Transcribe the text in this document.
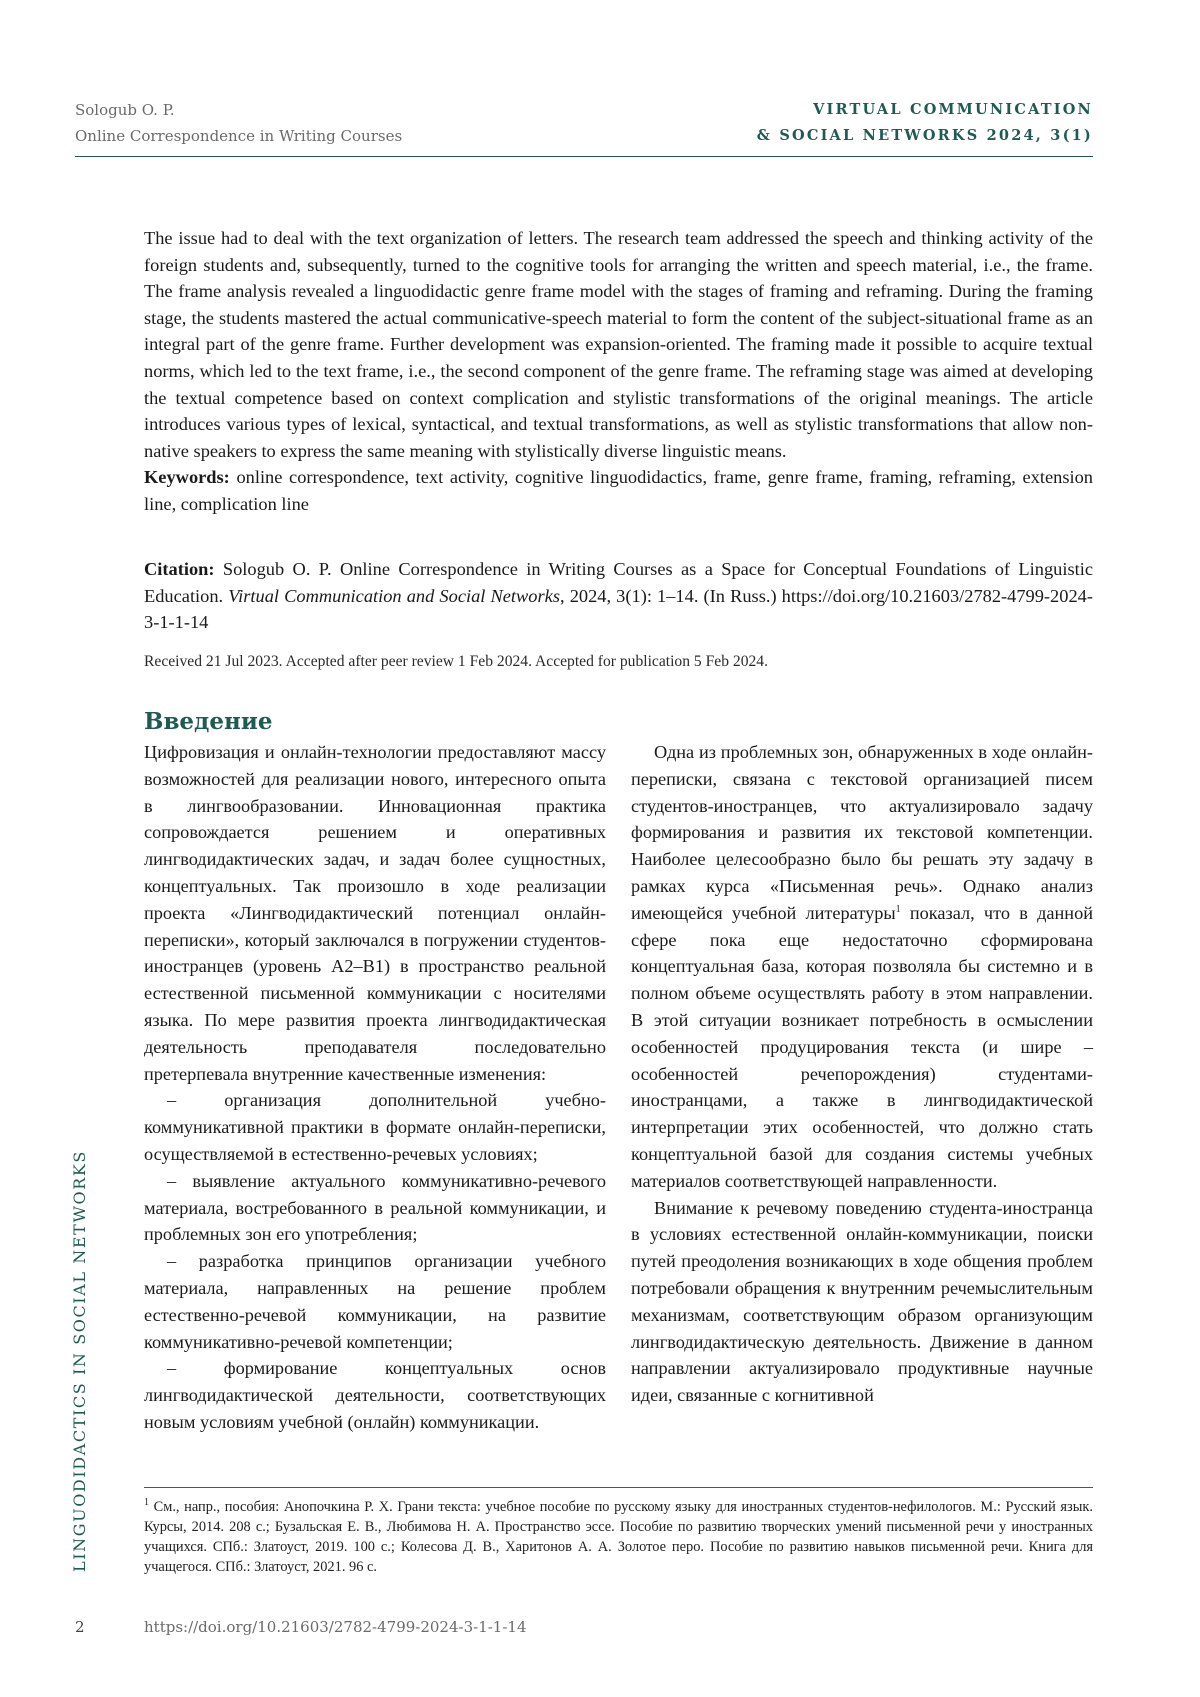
Sologub O. P.
Online Correspondence in Writing Courses
VIRTUAL COMMUNICATION
& SOCIAL NETWORKS 2024, 3(1)

The issue had to deal with the text organization of letters. The research team addressed the speech and thinking activity of the foreign students and, subsequently, turned to the cognitive tools for arranging the written and speech material, i.e., the frame. The frame analysis revealed a linguodidactic genre frame model with the stages of framing and reframing. During the framing stage, the students mastered the actual communicative-speech material to form the content of the subject-situational frame as an integral part of the genre frame. Further development was expansion-oriented. The framing made it possible to acquire textual norms, which led to the text frame, i.e., the second component of the genre frame. The reframing stage was aimed at developing the textual competence based on context complication and stylistic transformations of the original meanings. The article introduces various types of lexical, syntactical, and textual transformations, as well as stylistic transformations that allow non-native speakers to express the same meaning with stylistically diverse linguistic means.

Keywords: online correspondence, text activity, cognitive linguodidactics, frame, genre frame, framing, reframing, extension line, complication line

Citation: Sologub O. P. Online Correspondence in Writing Courses as a Space for Conceptual Foundations of Linguistic Education. Virtual Communication and Social Networks, 2024, 3(1): 1–14. (In Russ.) https://doi.org/10.21603/2782-4799-2024-3-1-1-14
Received 21 Jul 2023. Accepted after peer review 1 Feb 2024. Accepted for publication 5 Feb 2024.
Введение

Цифровизация и онлайн-технологии предоставляют массу возможностей для реализации нового, интересного опыта в лингвообразовании. Инновационная практика сопровождается решением и оперативных лингводидактических задач, и задач более сущностных, концептуальных. Так произошло в ходе реализации проекта «Лингводидактический потенциал онлайн-переписки», который заключался в погружении студентов-иностранцев (уровень А2–В1) в пространство реальной естественной письменной коммуникации с носителями языка. По мере развития проекта лингводидактическая деятельность преподавателя последовательно претерпевала внутренние качественные изменения:

– организация дополнительной учебно-коммуникативной практики в формате онлайн-переписки, осуществляемой в естественно-речевых условиях;

– выявление актуального коммуникативно-речевого материала, востребованного в реальной коммуникации, и проблемных зон его употребления;

– разработка принципов организации учебного материала, направленных на решение проблем естественно-речевой коммуникации, на развитие коммуникативно-речевой компетенции;

– формирование концептуальных основ лингводидактической деятельности, соответствующих новым условиям учебной (онлайн) коммуникации.

Одна из проблемных зон, обнаруженных в ходе онлайн-переписки, связана с текстовой организацией писем студентов-иностранцев, что актуализировало задачу формирования и развития их текстовой компетенции. Наиболее целесообразно было бы решать эту задачу в рамках курса «Письменная речь». Однако анализ имеющейся учебной литературы$^1$ показал, что в данной сфере пока еще недостаточно сформирована концептуальная база, которая позволяла бы системно и в полном объеме осуществлять работу в этом направлении. В этой ситуации возникает потребность в осмыслении особенностей продуцирования текста (и шире – особенностей речепорождения) студентами-иностранцами, а также в лингводидактической интерпретации этих особенностей, что должно стать концептуальной базой для создания системы учебных материалов соответствующей направленности.

Внимание к речевому поведению студента-иностранца в условиях естественной онлайн-коммуникации, поиски путей преодоления возникающих в ходе общения проблем потребовали обращения к внутренним речемыслительным механизмам, соответствующим образом организующим лингводидактическую деятельность. Движение в данном направлении актуализировало продуктивные научные идеи, связанные с когнитивной

$^1$ См., напр., пособия: Анопочкина Р. Х. Грани текста: учебное пособие по русскому языку для иностранных студентов-нефилологов. М.: Русский язык. Курсы, 2014. 208 с.; Бузальская Е. В., Любимова Н. А. Пространство эссе. Пособие по развитию творческих умений письменной речи у иностранных учащихся. СПб.: Златоуст, 2019. 100 с.; Колесова Д. В., Харитонов А. А. Золотое перо. Пособие по развитию навыков письменной речи. Книга для учащегося. СПб.: Златоуст, 2021. 96 с.
LINGUODIDACTICS IN SOCIAL NETWORKS
2	https://doi.org/10.21603/2782-4799-2024-3-1-1-14
